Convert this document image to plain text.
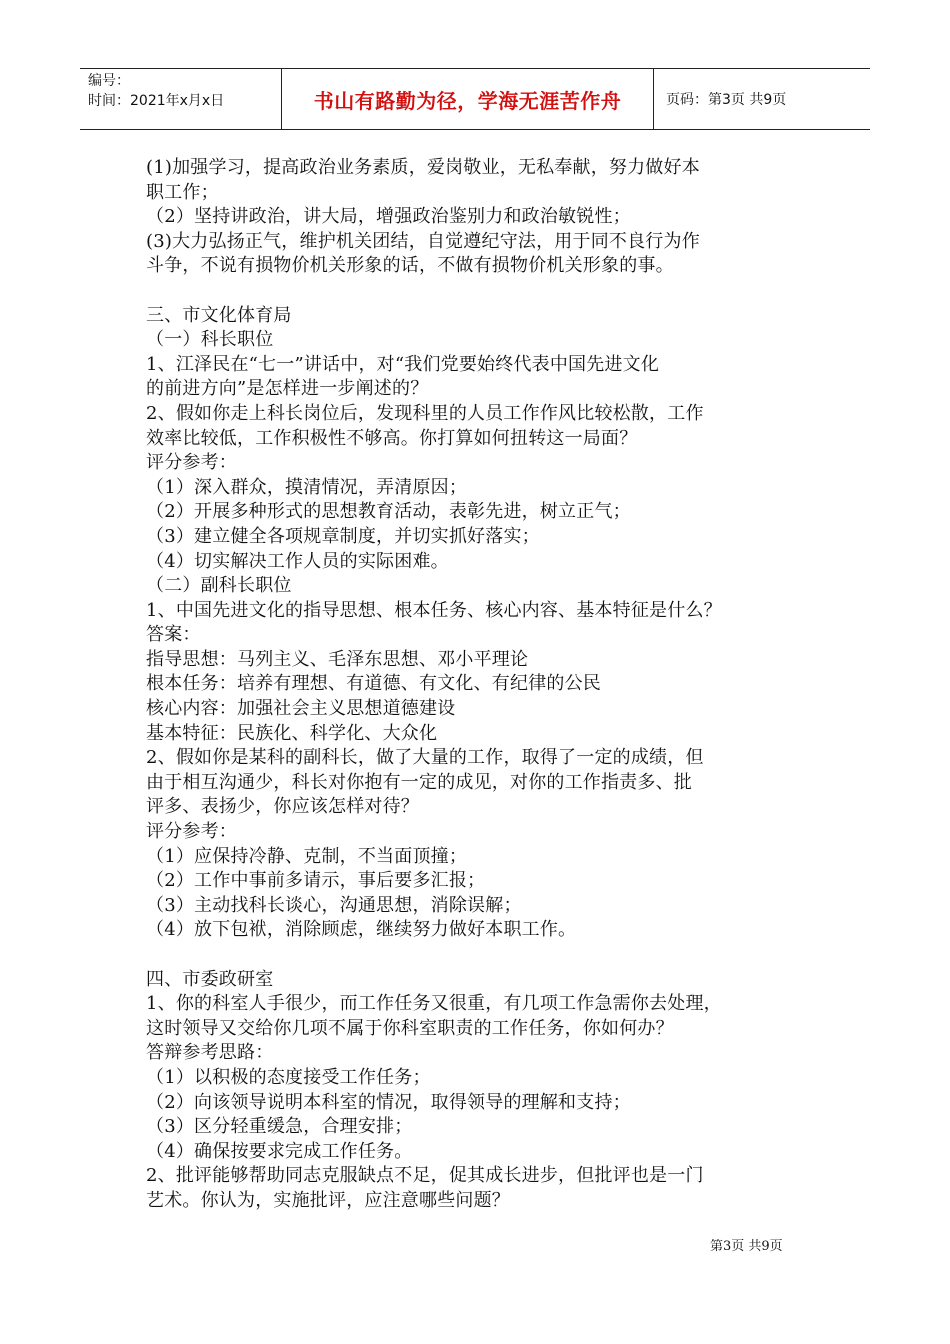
编号：
时间：2021年x月x日	书山有路勤为径，学海无涯苦作舟	页码：第3页 共9页
(1)加强学习，提高政治业务素质，爱岗敬业，无私奉献，努力做好本
职工作；
（2）坚持讲政治，讲大局，增强政治鉴别力和政治敏锐性；
(3)大力弘扬正气，维护机关团结，自觉遵纪守法，用于同不良行为作
斗争，不说有损物价机关形象的话，不做有损物价机关形象的事。
三、市文化体育局
（一）科长职位
1、江泽民在“七一”讲话中，对“我们党要始终代表中国先进文化
的前进方向”是怎样进一步阐述的？
2、假如你走上科长岗位后，发现科里的人员工作作风比较松散，工作
效率比较低，工作积极性不够高。你打算如何扭转这一局面？
评分参考：
（1）深入群众，摸清情况，弄清原因；
（2）开展多种形式的思想教育活动，表彰先进，树立正气；
（3）建立健全各项规章制度，并切实抓好落实；
（4）切实解决工作人员的实际困难。
（二）副科长职位
1、中国先进文化的指导思想、根本任务、核心内容、基本特征是什么？
答案：
指导思想：马列主义、毛泽东思想、邓小平理论
根本任务：培养有理想、有道德、有文化、有纪律的公民
核心内容：加强社会主义思想道德建设
基本特征：民族化、科学化、大众化
2、假如你是某科的副科长，做了大量的工作，取得了一定的成绩，但
由于相互沟通少，科长对你抱有一定的成见，对你的工作指责多、批
评多、表扬少，你应该怎样对待？
评分参考：
（1）应保持冷静、克制，不当面顶撞；
（2）工作中事前多请示，事后要多汇报；
（3）主动找科长谈心，沟通思想，消除误解；
（4）放下包袱，消除顾虑，继续努力做好本职工作。
四、市委政研室
1、你的科室人手很少，而工作任务又很重，有几项工作急需你去处理，
这时领导又交给你几项不属于你科室职责的工作任务，你如何办？
答辩参考思路：
（1）以积极的态度接受工作任务；
（2）向该领导说明本科室的情况，取得领导的理解和支持；
（3）区分轻重缓急，合理安排；
（4）确保按要求完成工作任务。
2、批评能够帮助同志克服缺点不足，促其成长进步，但批评也是一门
艺术。你认为，实施批评，应注意哪些问题？
第3页 共9页
